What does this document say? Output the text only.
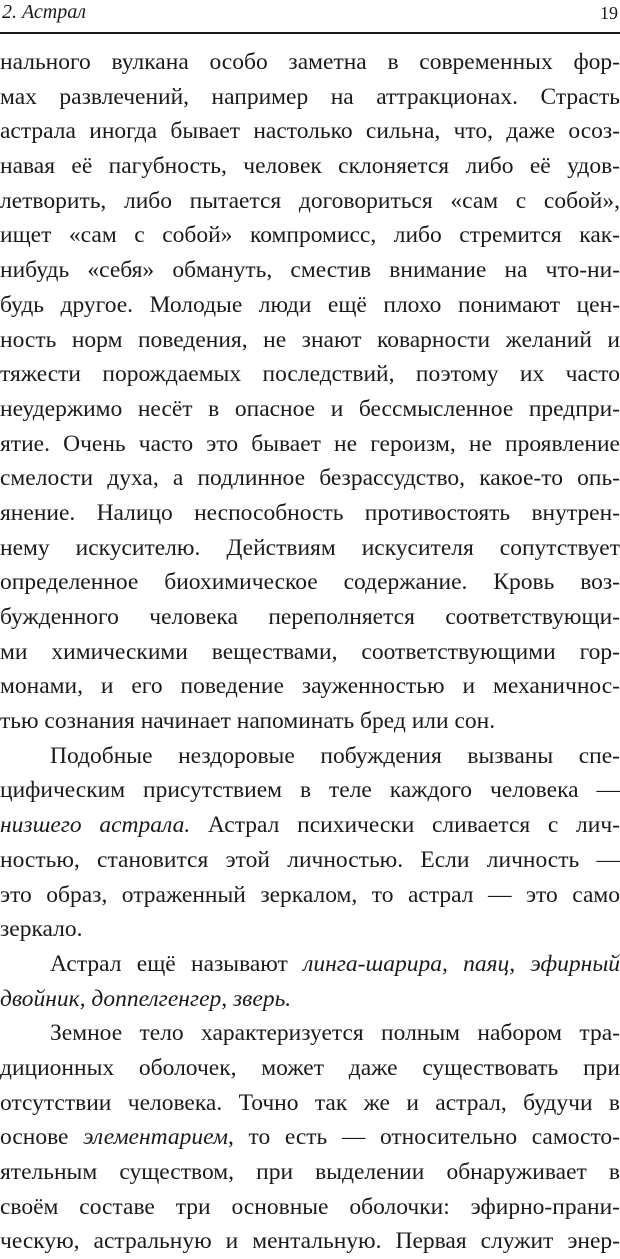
2. Астрал	19
нального вулкана особо заметна в современных фор-
мах развлечений, например на аттракционах. Страсть
астрала иногда бывает настолько сильна, что, даже осоз-
навая её пагубность, человек склоняется либо её удов-
летворить, либо пытается договориться «сам с собой»,
ищет «сам с собой» компромисс, либо стремится как-
нибудь «себя» обмануть, сместив внимание на что-ни-
будь другое. Молодые люди ещё плохо понимают цен-
ность норм поведения, не знают коварности желаний и
тяжести порождаемых последствий, поэтому их часто
неудержимо несёт в опасное и бессмысленное предпри-
ятие. Очень часто это бывает не героизм, не проявление
смелости духа, а подлинное безрассудство, какое-то опь-
янение. Налицо неспособность противостоять внутрен-
нему искусителю. Действиям искусителя сопутствует
определенное биохимическое содержание. Кровь воз-
бужденного человека переполняется соответствующи-
ми химическими веществами, соответствующими гор-
монами, и его поведение зауженностью и механичнос-
тью сознания начинает напоминать бред или сон.
Подобные нездоровые побуждения вызваны спе-
цифическим присутствием в теле каждого человека —
низшего астрала. Астрал психически сливается с лич-
ностью, становится этой личностью. Если личность —
это образ, отраженный зеркалом, то астрал — это само
зеркало.
Астрал ещё называют линга-шарира, паяц, эфирный
двойник, доппелгенгер, зверь.
Земное тело характеризуется полным набором тра-
диционных оболочек, может даже существовать при
отсутствии человека. Точно так же и астрал, будучи в
основе элементарием, то есть — относительно самосто-
ятельным существом, при выделении обнаруживает в
своём составе три основные оболочки: эфирно-прани-
ческую, астральную и ментальную. Первая служит энер-
